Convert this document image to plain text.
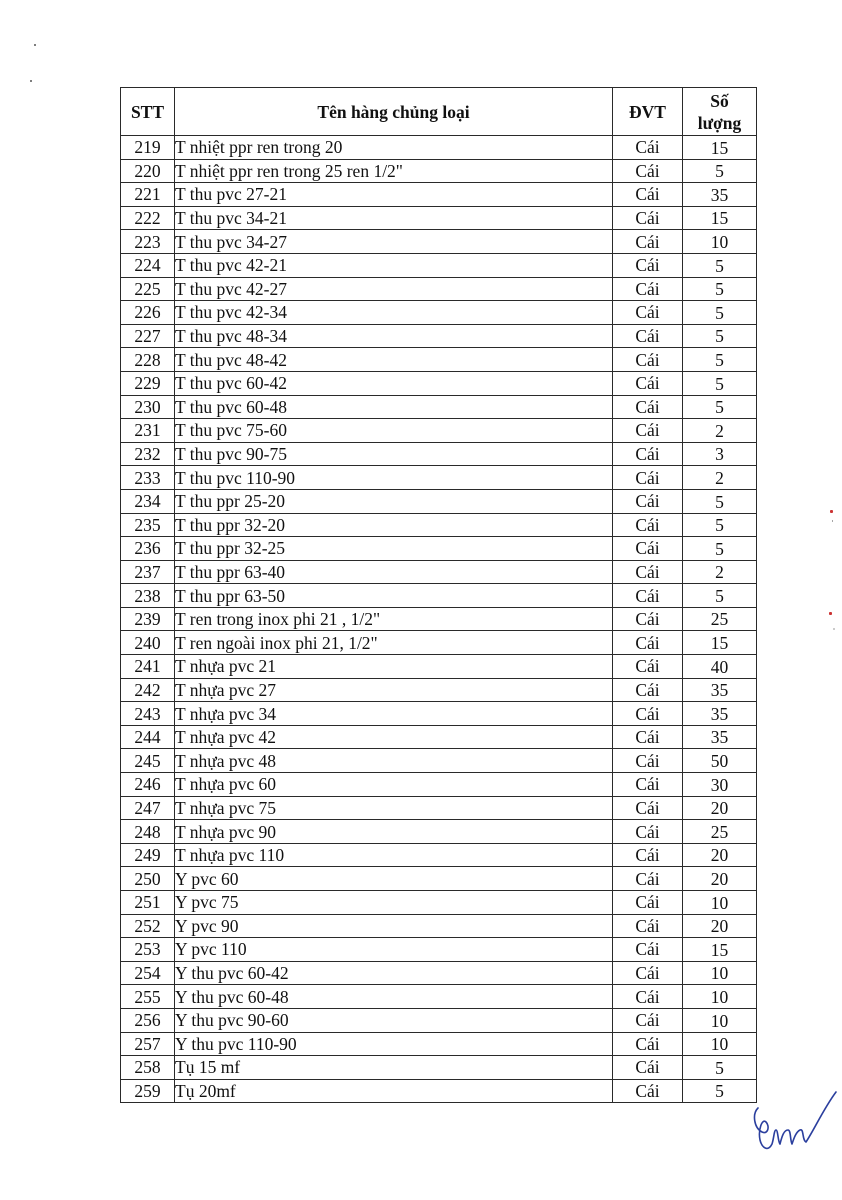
STT	Tên hàng chủng loại	ĐVT	Số
lượng

219	T nhiệt ppr ren trong 20	Cái	15
220	T nhiệt ppr ren trong 25 ren 1/2"	Cái	5
221	T thu pvc 27-21	Cái	35
222	T thu pvc 34-21	Cái	15
223	T thu pvc 34-27	Cái	10
224	T thu pvc 42-21	Cái	5
225	T thu pvc 42-27	Cái	5
226	T thu pvc 42-34	Cái	5
227	T thu pvc 48-34	Cái	5
228	T thu pvc 48-42	Cái	5
229	T thu pvc 60-42	Cái	5
230	T thu pvc 60-48	Cái	5
231	T thu pvc 75-60	Cái	2
232	T thu pvc 90-75	Cái	3
233	T thu pvc 110-90	Cái	2
234	T thu ppr 25-20	Cái	5
235	T thu ppr 32-20	Cái	5
236	T thu ppr 32-25	Cái	5
237	T thu ppr 63-40	Cái	2
238	T thu ppr 63-50	Cái	5
239	T ren trong inox phi 21 , 1/2"	Cái	25
240	T ren ngoài inox phi 21, 1/2"	Cái	15
241	T nhựa pvc 21	Cái	40
242	T nhựa pvc 27	Cái	35
243	T nhựa pvc 34	Cái	35
244	T nhựa pvc 42	Cái	35
245	T nhựa pvc 48	Cái	50
246	T nhựa pvc 60	Cái	30
247	T nhựa pvc 75	Cái	20
248	T nhựa pvc 90	Cái	25
249	T nhựa pvc 110	Cái	20
250	Y pvc 60	Cái	20
251	Y pvc 75	Cái	10
252	Y pvc 90	Cái	20
253	Y pvc 110	Cái	15
254	Y thu pvc 60-42	Cái	10
255	Y thu pvc 60-48	Cái	10
256	Y thu pvc 90-60	Cái	10
257	Y thu pvc 110-90	Cái	10
258	Tụ 15 mf	Cái	5
259	Tụ 20mf	Cái	5
